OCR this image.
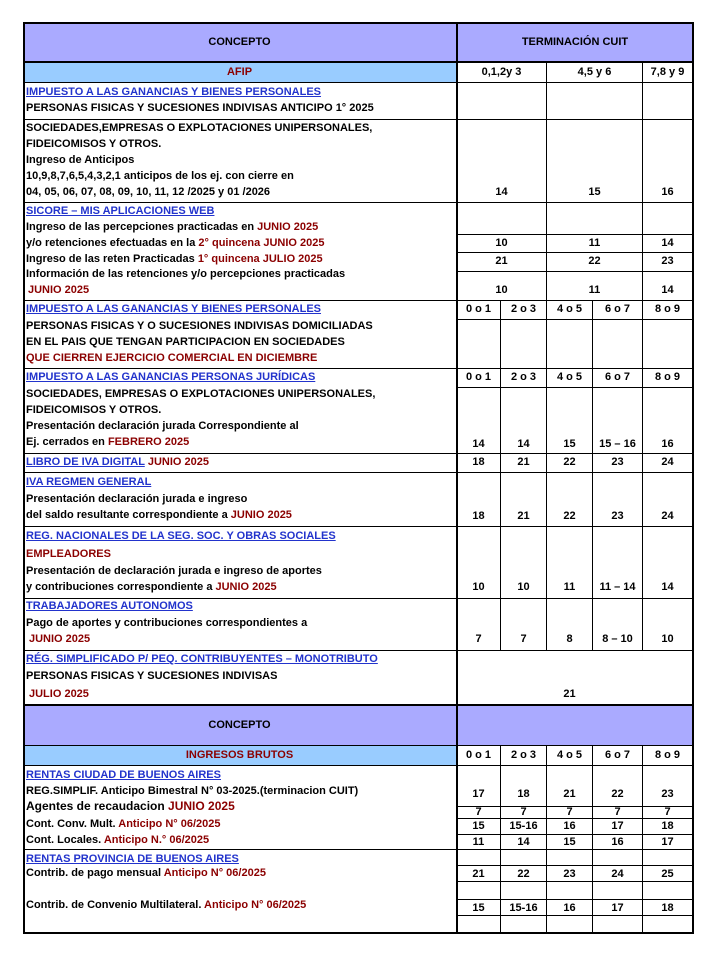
CONCEPTO	TERMINACIÓN CUIT
AFIP	0,1,2y 3	4,5 y 6	7,8 y 9
IMPUESTO A LAS GANANCIAS Y BIENES PERSONALES
PERSONAS FISICAS Y SUCESIONES INDIVISAS ANTICIPO 1° 2025
SOCIEDADES,EMPRESAS O EXPLOTACIONES UNIPERSONALES,
FIDEICOMISOS Y OTROS.
Ingreso de Anticipos
10,9,8,7,6,5,4,3,2,1 anticipos de los ej. con cierre en
04, 05, 06, 07, 08, 09, 10, 11, 12 /2025 y 01 /2026	14	15	16
SICORE – MIS APLICACIONES WEB
Ingreso de las percepciones practicadas en JUNIO 2025
y/o retenciones efectuadas en la 2° quincena JUNIO 2025	10	11	14
Ingreso de las reten Practicadas 1° quincena JULIO 2025	21	22	23
Información de las retenciones y/o percepciones practicadas
JUNIO 2025	10	11	14
IMPUESTO A LAS GANANCIAS Y BIENES PERSONALES	0 o 1	2 o 3	4 o 5	6 o 7	8 o 9
PERSONAS FISICAS Y O SUCESIONES INDIVISAS DOMICILIADAS
EN EL PAIS QUE TENGAN PARTICIPACION EN SOCIEDADES
QUE CIERREN EJERCICIO COMERCIAL EN DICIEMBRE
IMPUESTO A LAS GANANCIAS PERSONAS JURÍDICAS	0 o 1	2 o 3	4 o 5	6 o 7	8 o 9
SOCIEDADES, EMPRESAS O EXPLOTACIONES UNIPERSONALES,
FIDEICOMISOS Y OTROS.
Presentación declaración jurada Correspondiente al
Ej. cerrados en FEBRERO 2025	14	14	15	15 – 16	16
LIBRO DE IVA DIGITAL JUNIO 2025	18	21	22	23	24
IVA REGMEN GENERAL
Presentación declaración jurada e ingreso
del saldo resultante correspondiente a JUNIO 2025	18	21	22	23	24
REG. NACIONALES DE LA SEG. SOC. Y OBRAS SOCIALES
EMPLEADORES
Presentación de declaración jurada e ingreso de aportes
y contribuciones correspondiente a JUNIO 2025	10	10	11	11 – 14	14
TRABAJADORES AUTONOMOS
Pago de aportes y contribuciones correspondientes a
JUNIO 2025	7	7	8	8 – 10	10
RÉG. SIMPLIFICADO P/ PEQ. CONTRIBUYENTES – MONOTRIBUTO
PERSONAS FISICAS Y SUCESIONES INDIVISAS
JULIO 2025	21
CONCEPTO
INGRESOS BRUTOS	0 o 1	2 o 3	4 o 5	6 o 7	8 o 9
RENTAS CIUDAD DE BUENOS AIRES
REG.SIMPLIF. Anticipo Bimestral N° 03-2025.(terminacion CUIT)	17	18	21	22	23
Agentes de recaudacion JUNIO 2025	7	7	7	7	7
Cont. Conv. Mult. Anticipo N° 06/2025	15	15-16	16	17	18
Cont. Locales. Anticipo N.° 06/2025	11	14	15	16	17
RENTAS PROVINCIA DE BUENOS AIRES
Contrib. de pago mensual Anticipo N° 06/2025	21	22	23	24	25
Contrib. de Convenio Multilateral. Anticipo N° 06/2025	15	15-16	16	17	18
